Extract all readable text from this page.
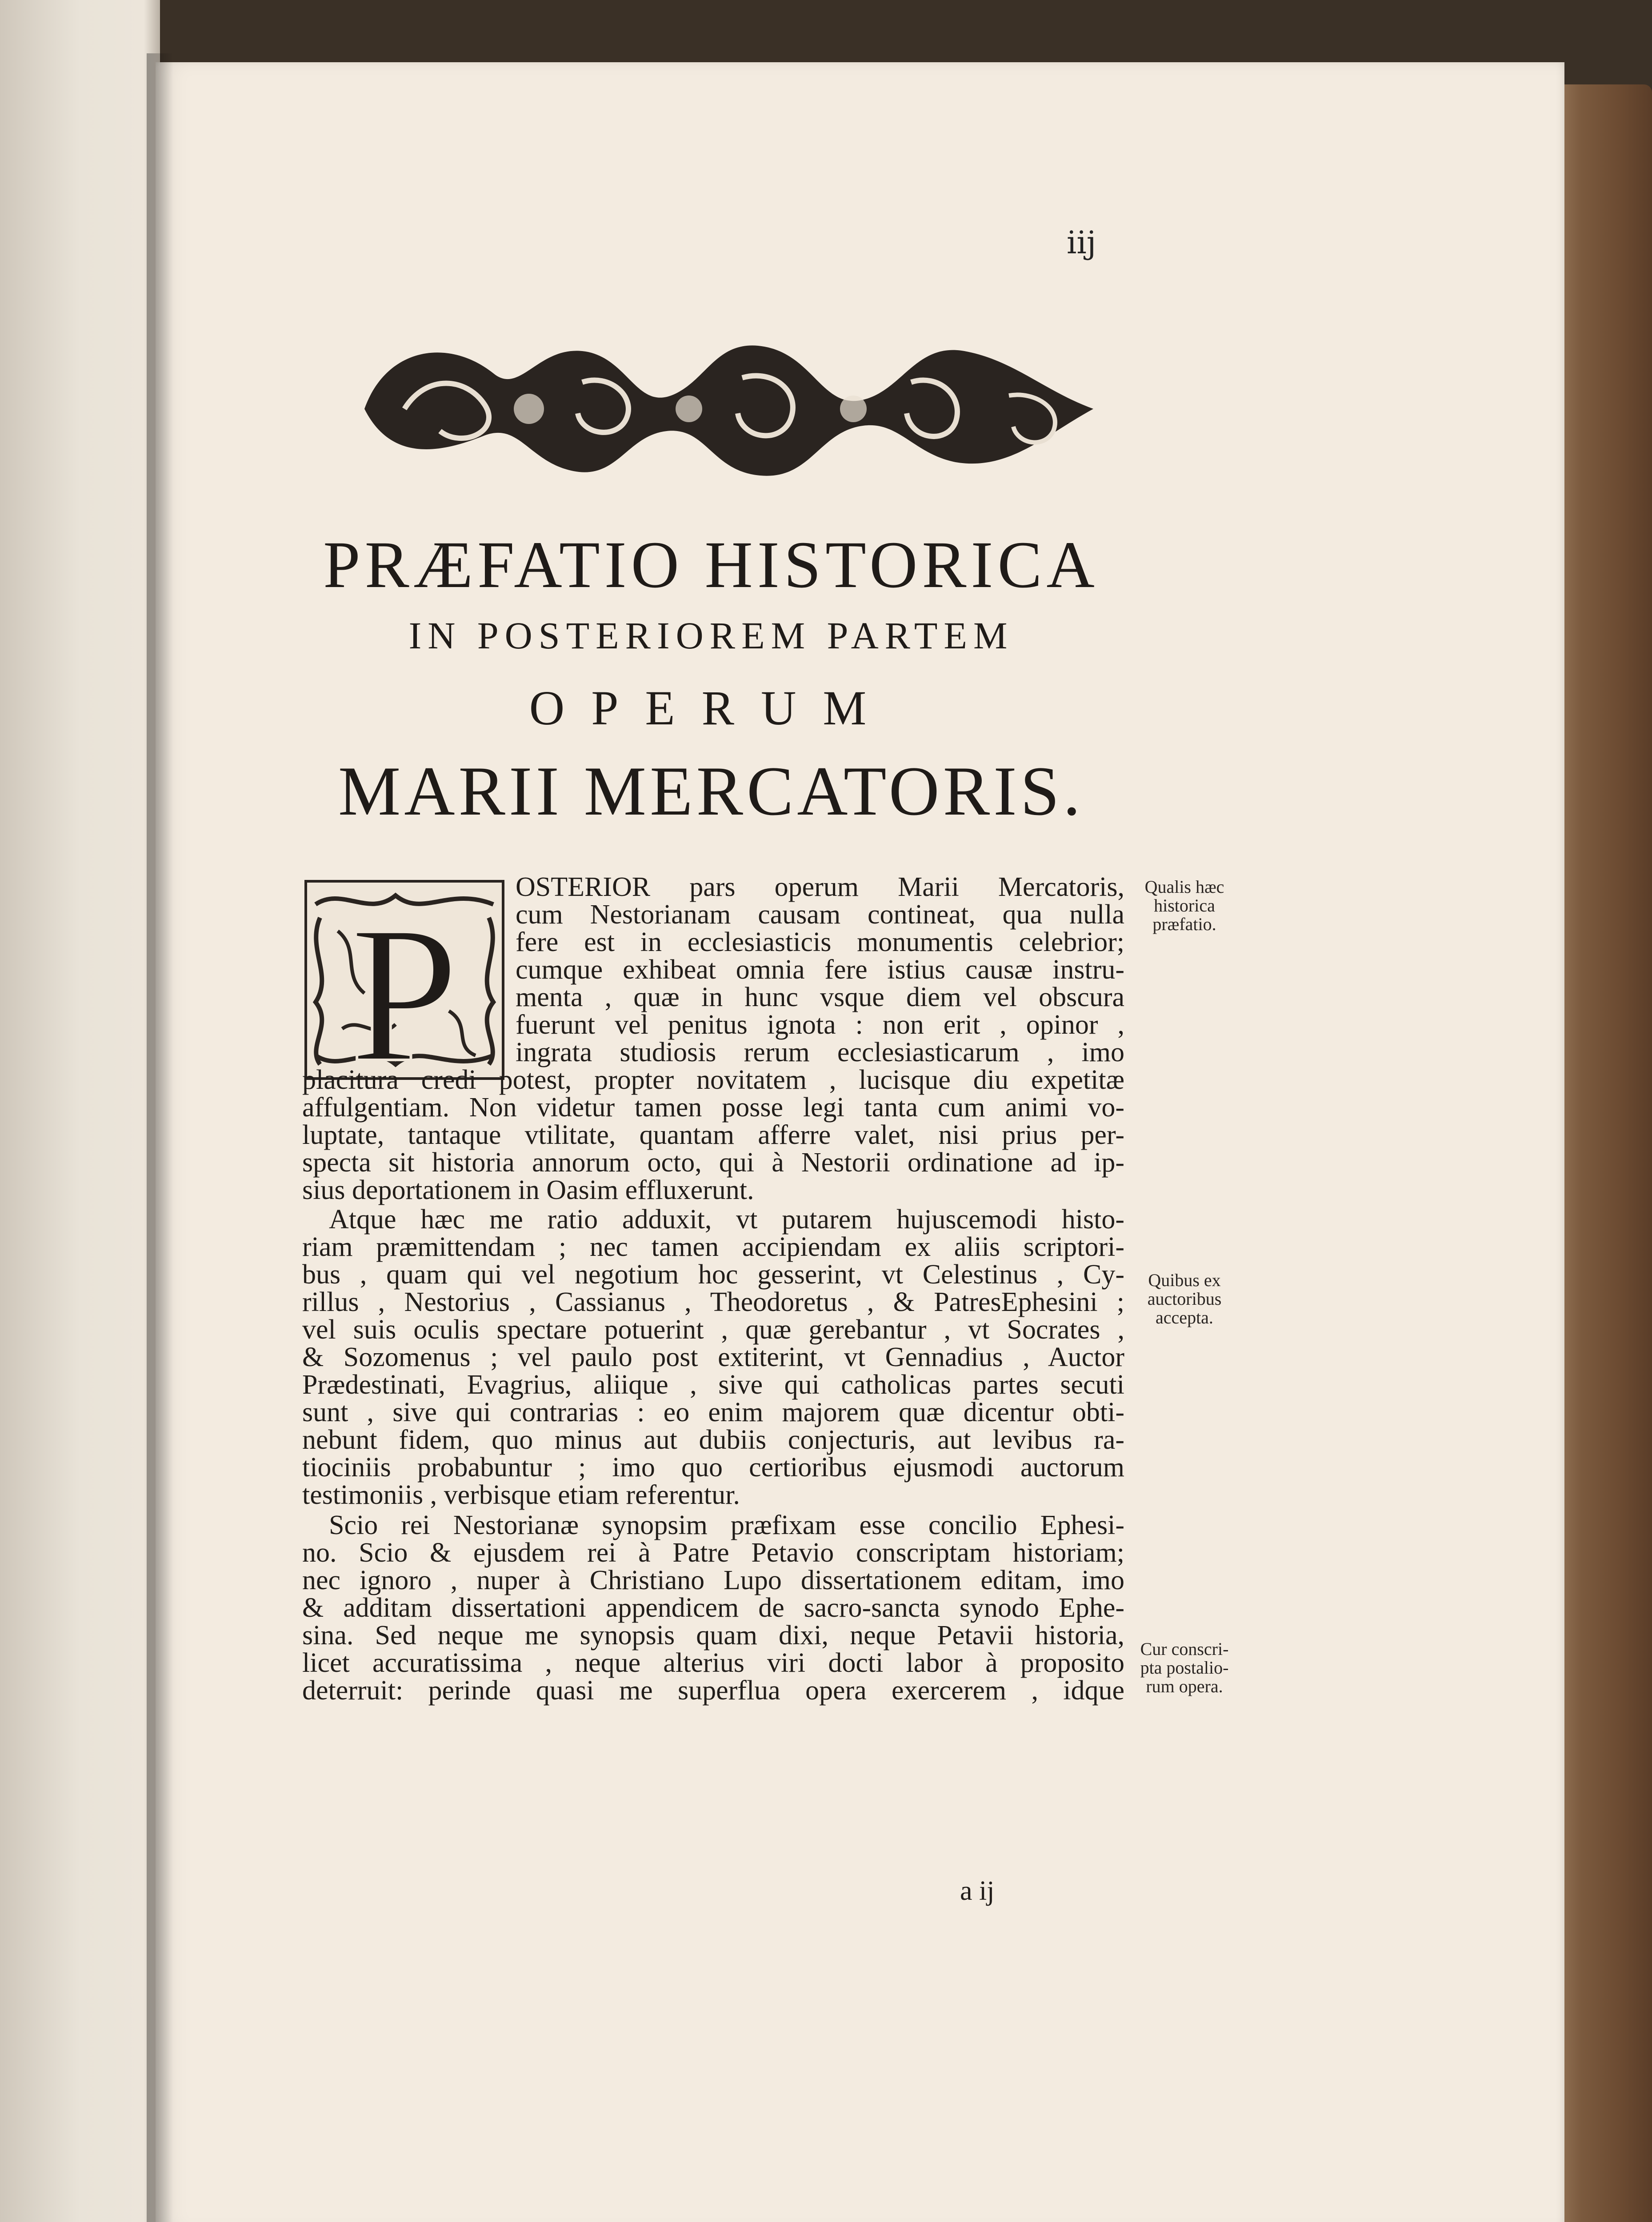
iij
PRÆFATIO HISTORICA
IN POSTERIOREM PARTEM
OPERUM
MARII MERCATORIS.
P OSTERIOR pars operum Marii Mercatoris,
cum Nestorianam causam contineat, qua nulla
fere est in ecclesiasticis monumentis celebrior;
cumque exhibeat omnia fere istius causæ instru-
menta , quæ in hunc vsque diem vel obscura
fuerunt vel penitus ignota : non erit , opinor ,
ingrata studiosis rerum ecclesiasticarum , imo
placitura credi potest, propter novitatem , lucisque diu expetitæ
affulgentiam. Non videtur tamen posse legi tanta cum animi vo-
luptate, tantaque vtilitate, quantam afferre valet, nisi prius per-
specta sit historia annorum octo, qui à Nestorii ordinatione ad ip-
sius deportationem in Oasim effluxerunt.
Atque hæc me ratio adduxit, vt putarem hujuscemodi histo-
riam præmittendam ; nec tamen accipiendam ex aliis scriptori-
bus , quam qui vel negotium hoc gesserint, vt Celestinus , Cy-
rillus , Nestorius , Cassianus , Theodoretus , & PatresEphesini ;
vel suis oculis spectare potuerint , quæ gerebantur , vt Socrates ,
& Sozomenus ; vel paulo post extiterint, vt Gennadius , Auctor
Prædestinati, Evagrius, aliique , sive qui catholicas partes secuti
sunt , sive qui contrarias : eo enim majorem quæ dicentur obti-
nebunt fidem, quo minus aut dubiis conjecturis, aut levibus ra-
tiociniis probabuntur ; imo quo certioribus ejusmodi auctorum
testimoniis , verbisque etiam referentur.
Scio rei Nestorianæ synopsim præfixam esse concilio Ephesi-
no. Scio & ejusdem rei à Patre Petavio conscriptam historiam;
nec ignoro , nuper à Christiano Lupo dissertationem editam, imo
& additam dissertationi appendicem de sacro-sancta synodo Ephe-
sina. Sed neque me synopsis quam dixi, neque Petavii historia,
licet accuratissima , neque alterius viri docti labor à proposito
deterruit: perinde quasi me superflua opera exercerem , idque
Qualis hæc
historica
præfatio.
Quibus ex
auctoribus
accepta.
Cur conscri-
pta postalio-
rum opera.
a ij
